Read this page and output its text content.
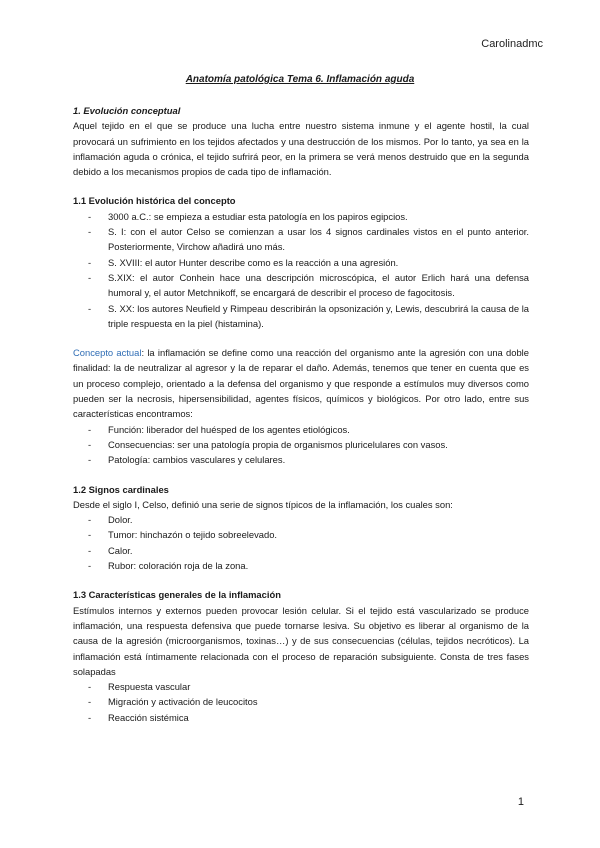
Carolinadmc
Anatomía patológica Tema 6. Inflamación aguda

1. Evolución conceptual

Aquel tejido en el que se produce una lucha entre nuestro sistema inmune y el agente hostil, la cual provocará un sufrimiento en los tejidos afectados y una destrucción de los mismos. Por lo tanto, ya sea en la inflamación aguda o crónica, el tejido sufrirá peor, en la primera se verá menos destruido que en la segunda debido a los mecanismos propios de cada tipo de inflamación.

1.1 Evolución histórica del concepto

- 3000 a.C.: se empieza a estudiar esta patología en los papiros egipcios.
- S. I: con el autor Celso se comienzan a usar los 4 signos cardinales vistos en el punto anterior. Posteriormente, Virchow añadirá uno más.
- S. XVIII: el autor Hunter describe como es la reacción a una agresión.
- S.XIX: el autor Conhein hace una descripción microscópica, el autor Erlich hará una defensa humoral y, el autor Metchnikoff, se encargará de describir el proceso de fagocitosis.
- S. XX: los autores Neufield y Rimpeau describirán la opsonización y, Lewis, descubrirá la causa de la triple respuesta en la piel (histamina).

Concepto actual: la inflamación se define como una reacción del organismo ante la agresión con una doble finalidad: la de neutralizar al agresor y la de reparar el daño. Además, tenemos que tener en cuenta que es un proceso complejo, orientado a la defensa del organismo y que responde a estímulos muy diversos como pueden ser la necrosis, hipersensibilidad, agentes físicos, químicos y biológicos. Por otro lado, entre sus características encontramos:

- Función: liberador del huésped de los agentes etiológicos.
- Consecuencias: ser una patología propia de organismos pluricelulares con vasos.
- Patología: cambios vasculares y celulares.

1.2 Signos cardinales

Desde el siglo I, Celso, definió una serie de signos típicos de la inflamación, los cuales son:

- Dolor.
- Tumor: hinchazón o tejido sobreelevado.
- Calor.
- Rubor: coloración roja de la zona.

1.3 Características generales de la inflamación

Estímulos internos y externos pueden provocar lesión celular. Si el tejido está vascularizado se produce inflamación, una respuesta defensiva que puede tornarse lesiva. Su objetivo es liberar al organismo de la causa de la agresión (microorganismos, toxinas…) y de sus consecuencias (células, tejidos necróticos). La inflamación está íntimamente relacionada con el proceso de reparación subsiguiente. Consta de tres fases solapadas

- Respuesta vascular
- Migración y activación de leucocitos
- Reacción sistémica
1
